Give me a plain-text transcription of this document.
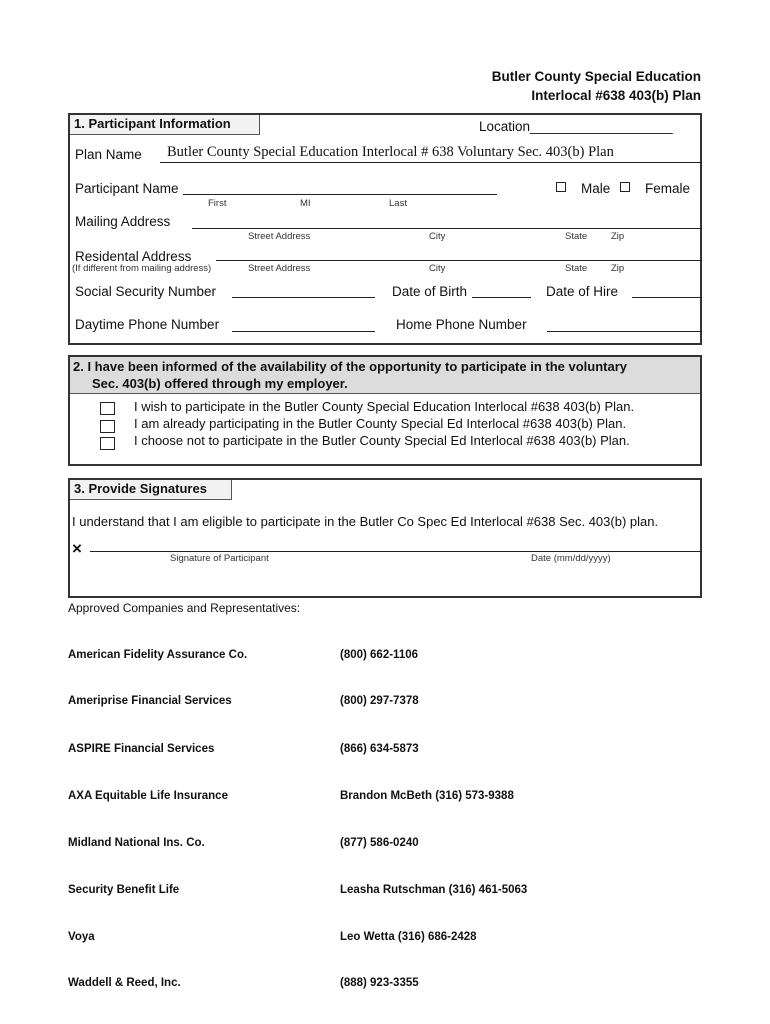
Butler County Special Education
Interlocal #638 403(b) Plan
1. Participant Information	Location___________________
Plan Name Butler County Special Education Interlocal # 638 Voluntary Sec. 403(b) Plan
Participant Name
First	MI	Last
Male	Female
Mailing Address
Street Address	City	State	Zip
Residental Address
(If different from mailing address)	Street Address	City	State	Zip
Social Security Number	Date of Birth	Date of Hire
Daytime Phone Number	Home Phone Number
2. I have been informed of the availability of the opportunity to participate in the voluntary
Sec. 403(b) offered through my employer.
I wish to participate in the Butler County Special Education Interlocal #638 403(b) Plan.
I am already participating in the Butler County Special Ed Interlocal #638 403(b) Plan.
I choose not to participate in the Butler County Special Ed Interlocal #638 403(b) Plan.
3. Provide Signatures
I understand that I am eligible to participate in the Butler Co Spec Ed Interlocal #638 Sec. 403(b) plan.
×
Signature of Participant	Date (mm/dd/yyyy)
Approved Companies and Representatives:
American Fidelity Assurance Co.	(800) 662-1106
Ameriprise Financial Services	(800) 297-7378
ASPIRE Financial Services	(866) 634-5873
AXA Equitable Life Insurance	Brandon McBeth (316) 573-9388
Midland National Ins. Co.	(877) 586-0240
Security Benefit Life	Leasha Rutschman (316) 461-5063
Voya	Leo Wetta (316) 686-2428
Waddell & Reed, Inc.	(888) 923-3355
